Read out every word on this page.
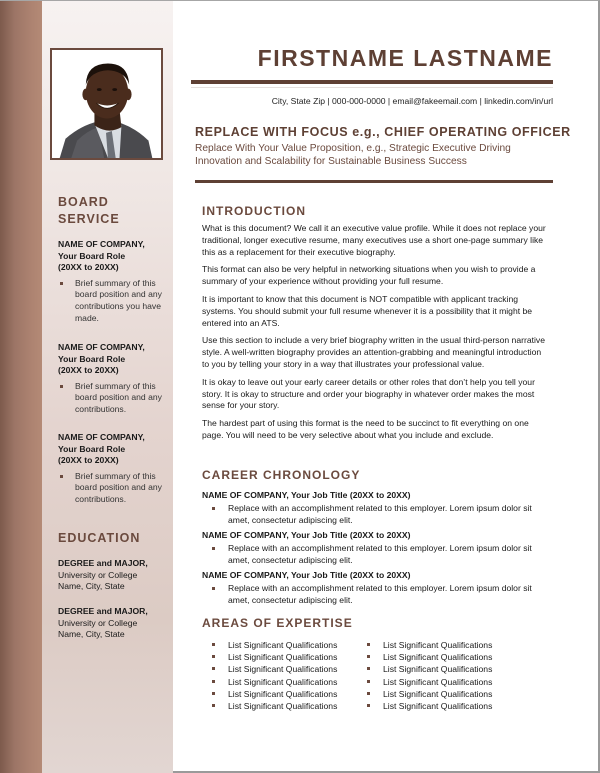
BOARD
SERVICE
NAME OF COMPANY,
Your Board Role
(20XX to 20XX)
Brief summary of this board position and any contributions you have made.
NAME OF COMPANY,
Your Board Role
(20XX to 20XX)
Brief summary of this board position and any contributions.
NAME OF COMPANY,
Your Board Role
(20XX to 20XX)
Brief summary of this board position and any contributions.
EDUCATION
DEGREE and MAJOR,
University or College
Name, City, State
DEGREE and MAJOR,
University or College
Name, City, State
FIRSTNAME LASTNAME
City, State Zip | 000-000-0000 | email@fakeemail.com | linkedin.com/in/url
REPLACE WITH FOCUS e.g., CHIEF OPERATING OFFICER
Replace With Your Value Proposition, e.g., Strategic Executive Driving Innovation and Scalability for Sustainable Business Success
INTRODUCTION

What is this document? We call it an executive value profile. While it does not replace your traditional, longer executive resume, many executives use a short one-page summary like this as a replacement for their executive biography.

This format can also be very helpful in networking situations when you wish to provide a summary of your experience without providing your full resume.

It is important to know that this document is NOT compatible with applicant tracking systems. You should submit your full resume whenever it is a possibility that it might be entered into an ATS.

Use this section to include a very brief biography written in the usual third-person narrative style. A well-written biography provides an attention-grabbing and meaningful introduction to you by telling your story in a way that illustrates your professional value.

It is okay to leave out your early career details or other roles that don’t help you tell your story. It is okay to structure and order your biography in whatever order makes the most sense for your story.

The hardest part of using this format is the need to be succinct to fit everything on one page. You will need to be very selective about what you include and exclude.

CAREER CHRONOLOGY
NAME OF COMPANY, Your Job Title (20XX to 20XX)
Replace with an accomplishment related to this employer. Lorem ipsum dolor sit amet, consectetur adipiscing elit.
NAME OF COMPANY, Your Job Title (20XX to 20XX)
Replace with an accomplishment related to this employer. Lorem ipsum dolor sit amet, consectetur adipiscing elit.
NAME OF COMPANY, Your Job Title (20XX to 20XX)
Replace with an accomplishment related to this employer. Lorem ipsum dolor sit amet, consectetur adipiscing elit.
AREAS OF EXPERTISE
List Significant Qualifications
List Significant Qualifications
List Significant Qualifications
List Significant Qualifications
List Significant Qualifications
List Significant Qualifications
List Significant Qualifications
List Significant Qualifications
List Significant Qualifications
List Significant Qualifications
List Significant Qualifications
List Significant Qualifications
